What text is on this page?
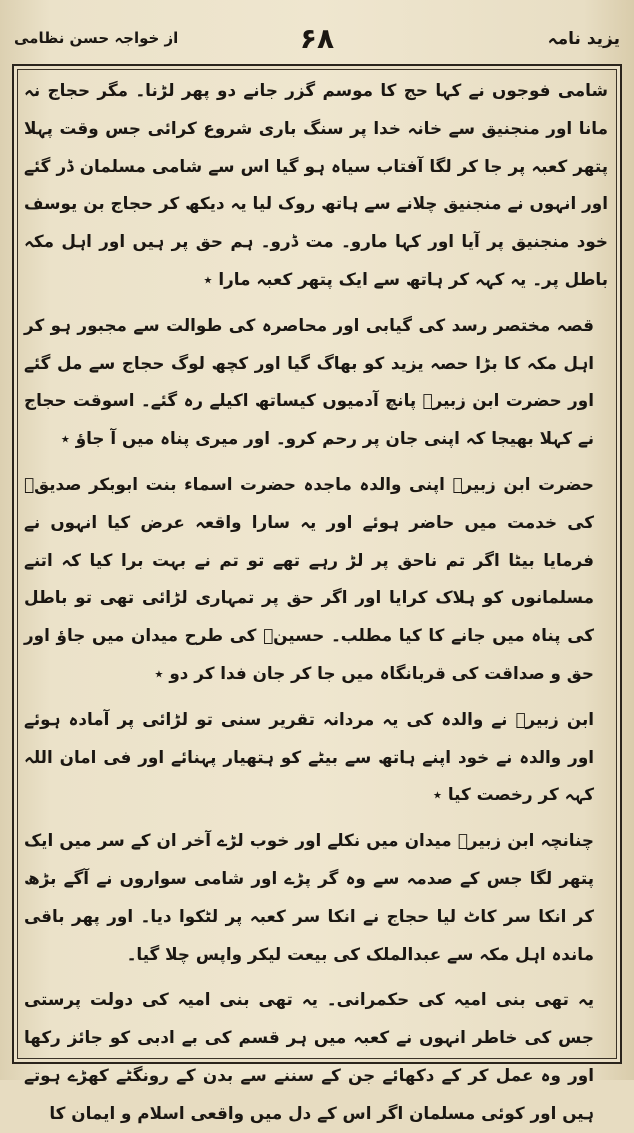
یزید نامہ
۶۸
از خواجہ حسن نظامی

شامی فوجوں نے کہا حج کا موسم گزر جانے دو پھر لڑنا۔ مگر حجاج نہ مانا اور منجنیق سے خانہ خدا پر سنگ باری شروع کرائی جس وقت پہلا پتھر کعبہ پر جا کر لگا آفتاب سیاہ ہو گیا اس سے شامی مسلمان ڈر گئے اور انہوں نے منجنیق چلانے سے ہاتھ روک لیا یہ دیکھ کر حجاج بن یوسف خود منجنیق پر آیا اور کہا مارو۔ مت ڈرو۔ ہم حق پر ہیں اور اہل مکہ باطل پر۔ یہ کہہ کر ہاتھ سے ایک پتھر کعبہ مارا ٭

قصہ مختصر رسد کی گیابی اور محاصرہ کی طوالت سے مجبور ہو کر اہل مکہ کا بڑا حصہ یزید کو بھاگ گیا اور کچھ لوگ حجاج سے مل گئے اور حضرت ابن زبیرؓ پانچ آدمیوں کیساتھ اکیلے رہ گئے۔ اسوقت حجاج نے کہلا بھیجا کہ اپنی جان پر رحم کرو۔ اور میری پناہ میں آ جاؤ ٭

حضرت ابن زبیرؓ اپنی والدہ ماجدہ حضرت اسماء بنت ابوبکر صدیقؓ کی خدمت میں حاضر ہوئے اور یہ سارا واقعہ عرض کیا انہوں نے فرمایا بیٹا اگر تم ناحق پر لڑ رہے تھے تو تم نے بہت برا کیا کہ اتنے مسلمانوں کو ہلاک کرایا اور اگر حق پر تمہاری لڑائی تھی تو باطل کی پناہ میں جانے کا کیا مطلب۔ حسینؓ کی طرح میدان میں جاؤ اور حق و صداقت کی قربانگاہ میں جا کر جان فدا کر دو ٭

ابن زبیرؓ نے والدہ کی یہ مردانہ تقریر سنی تو لڑائی پر آمادہ ہوئے اور والدہ نے خود اپنے ہاتھ سے بیٹے کو ہتھیار پہنائے اور فی امان اللہ کہہ کر رخصت کیا ٭

چنانچہ ابن زبیرؓ میدان میں نکلے اور خوب لڑے آخر ان کے سر میں ایک پتھر لگا جس کے صدمہ سے وہ گر پڑے اور شامی سواروں نے آگے بڑھ کر انکا سر کاٹ لیا حجاج نے انکا سر کعبہ پر لٹکوا دیا۔ اور پھر باقی ماندہ اہل مکہ سے عبدالملک کی بیعت لیکر واپس چلا گیا۔

یہ تھی بنی امیہ کی حکمرانی۔ یہ تھی بنی امیہ کی دولت پرستی جس کی خاطر انہوں نے کعبہ میں ہر قسم کی بے ادبی کو جائز رکھا اور وہ عمل کر کے دکھائے جن کے سننے سے بدن کے رونگٹے کھڑے ہوتے ہیں اور کوئی مسلمان اگر اس کے دل میں واقعی اسلام و ایمان کا
